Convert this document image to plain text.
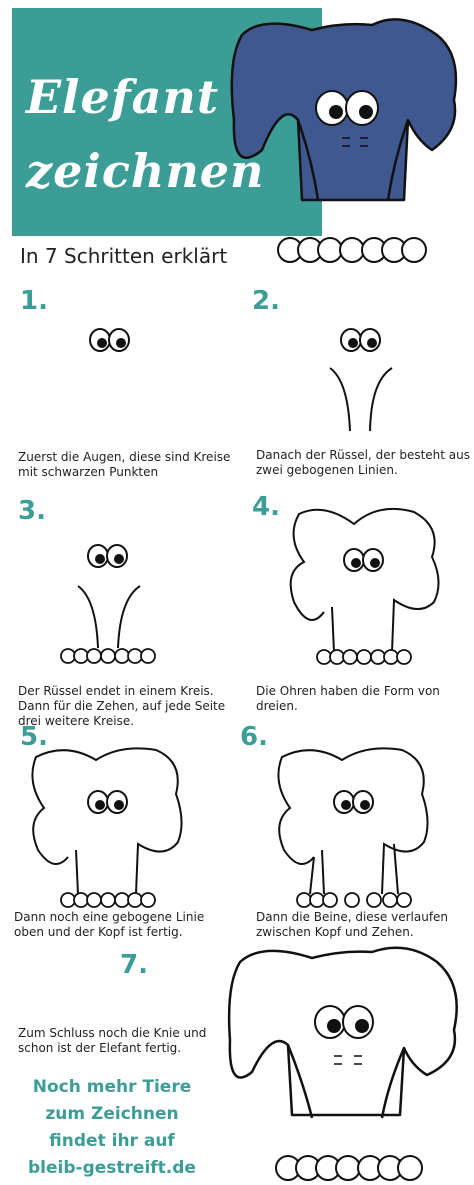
Elefant
zeichnen
In 7 Schritten erklärt
1.
Zuerst die Augen, diese sind Kreise
mit schwarzen Punkten
2.
Danach der Rüssel, der besteht aus
zwei gebogenen Linien.
3.
Der Rüssel endet in einem Kreis.
Dann für die Zehen, auf jede Seite
drei weitere Kreise.
4.
Die Ohren haben die Form von
dreien.
5.
Dann noch eine gebogene Linie
oben und der Kopf ist fertig.
6.
Dann die Beine, diese verlaufen
zwischen Kopf und Zehen.
7.
Zum Schluss noch die Knie und
schon ist der Elefant fertig.
Noch mehr Tiere
zum Zeichnen
findet ihr auf
bleib-gestreift.de
